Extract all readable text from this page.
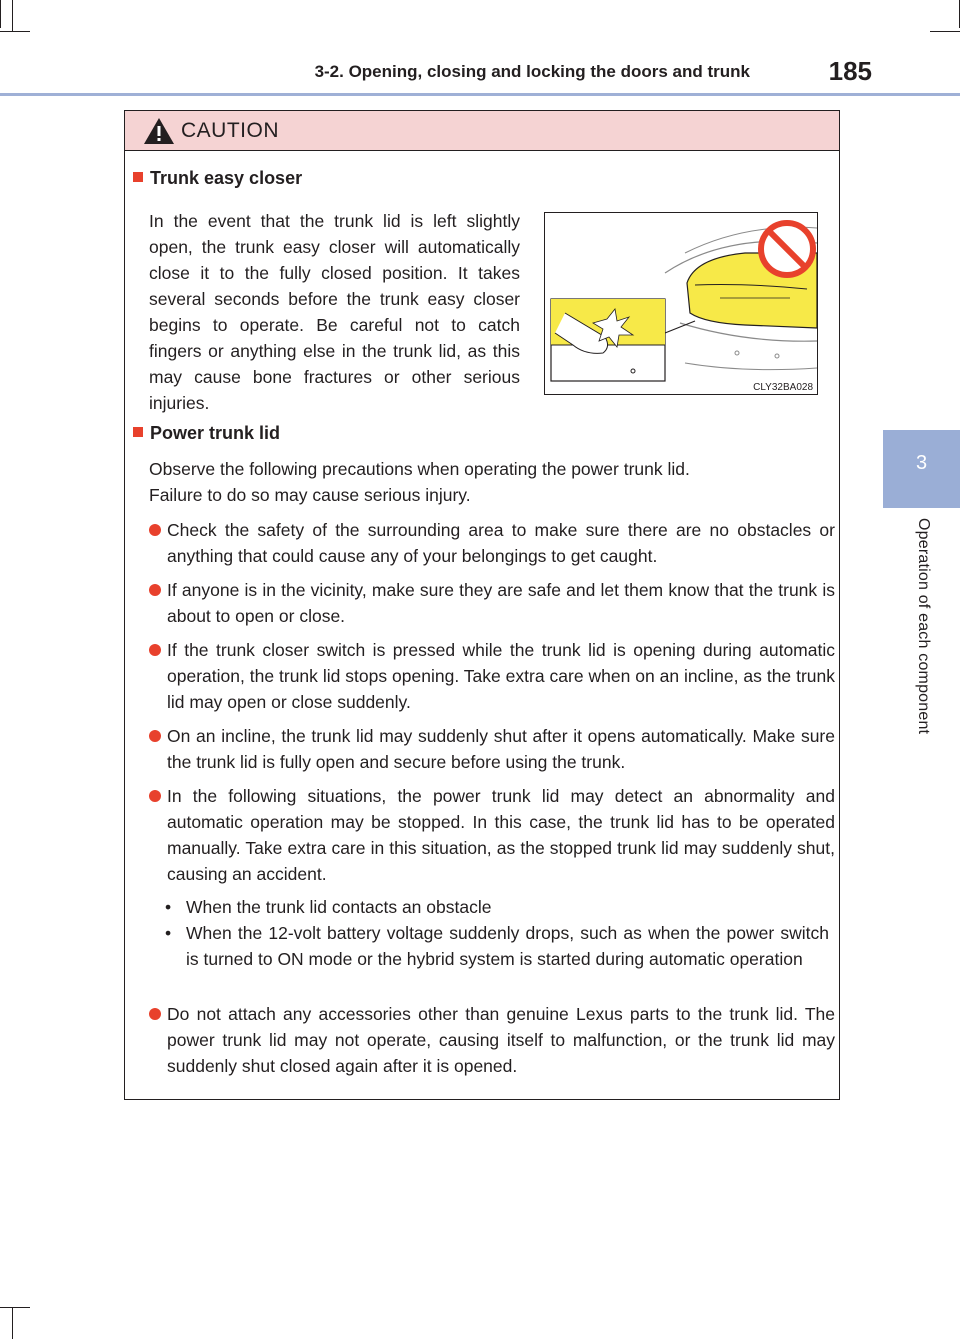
3-2. Opening, closing and locking the doors and trunk	185
3
Operation of each component
CAUTION
Trunk easy closer
In the event that the trunk lid is left slightly open, the trunk easy closer will automatically close it to the fully closed position. It takes several seconds before the trunk easy closer begins to operate. Be careful not to catch fingers or anything else in the trunk lid, as this may cause bone fractures or other serious injuries.
CLY32BA028
Power trunk lid
Observe the following precautions when operating the power trunk lid.
Failure to do so may cause serious injury.
Check the safety of the surrounding area to make sure there are no obstacles or anything that could cause any of your belongings to get caught.
If anyone is in the vicinity, make sure they are safe and let them know that the trunk is about to open or close.
If the trunk closer switch is pressed while the trunk lid is opening during automatic operation, the trunk lid stops opening. Take extra care when on an incline, as the trunk lid may open or close suddenly.
On an incline, the trunk lid may suddenly shut after it opens automatically. Make sure the trunk lid is fully open and secure before using the trunk.
In the following situations, the power trunk lid may detect an abnormality and automatic operation may be stopped. In this case, the trunk lid has to be operated manually. Take extra care in this situation, as the stopped trunk lid may suddenly shut, causing an accident.
• When the trunk lid contacts an obstacle
• When the 12-volt battery voltage suddenly drops, such as when the power switch is turned to ON mode or the hybrid system is started during automatic operation
Do not attach any accessories other than genuine Lexus parts to the trunk lid. The power trunk lid may not operate, causing itself to malfunction, or the trunk lid may suddenly shut closed again after it is opened.
